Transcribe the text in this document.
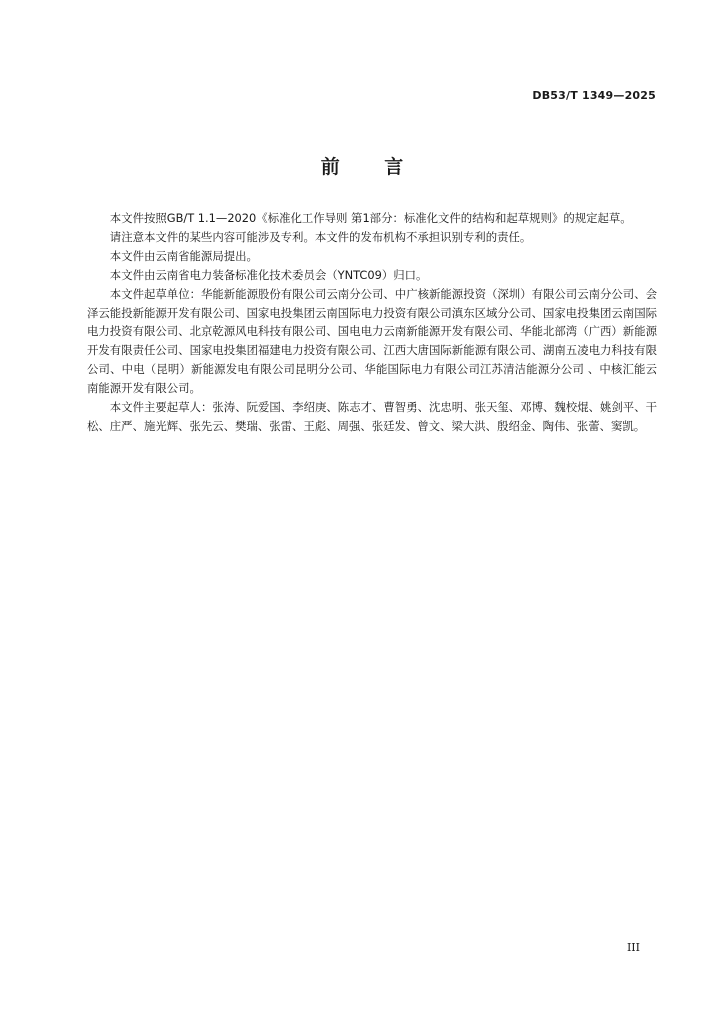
DB53/T 1349—2025
前 言

本文件按照GB/T 1.1—2020《标准化工作导则 第1部分：标准化文件的结构和起草规则》的规定起草。

请注意本文件的某些内容可能涉及专利。本文件的发布机构不承担识别专利的责任。

本文件由云南省能源局提出。

本文件由云南省电力装备标准化技术委员会（YNTC09）归口。

本文件起草单位：华能新能源股份有限公司云南分公司、中广核新能源投资（深圳）有限公司云南分公司、会泽云能投新能源开发有限公司、国家电投集团云南国际电力投资有限公司滇东区域分公司、国家电投集团云南国际电力投资有限公司、北京乾源风电科技有限公司、国电电力云南新能源开发有限公司、华能北部湾（广西）新能源开发有限责任公司、国家电投集团福建电力投资有限公司、江西大唐国际新能源有限公司、湖南五凌电力科技有限公司、中电（昆明）新能源发电有限公司昆明分公司、华能国际电力有限公司江苏清洁能源分公司 、中核汇能云南能源开发有限公司。

本文件主要起草人：张涛、阮爱国、李绍庚、陈志才、曹智勇、沈忠明、张天玺、邓博、魏校焜、姚剑平、干松、庄严、施光辉、张先云、樊瑞、张雷、王彪、周强、张廷发、曾文、梁大洪、殷绍金、陶伟、张蕾、窦凯。

III
